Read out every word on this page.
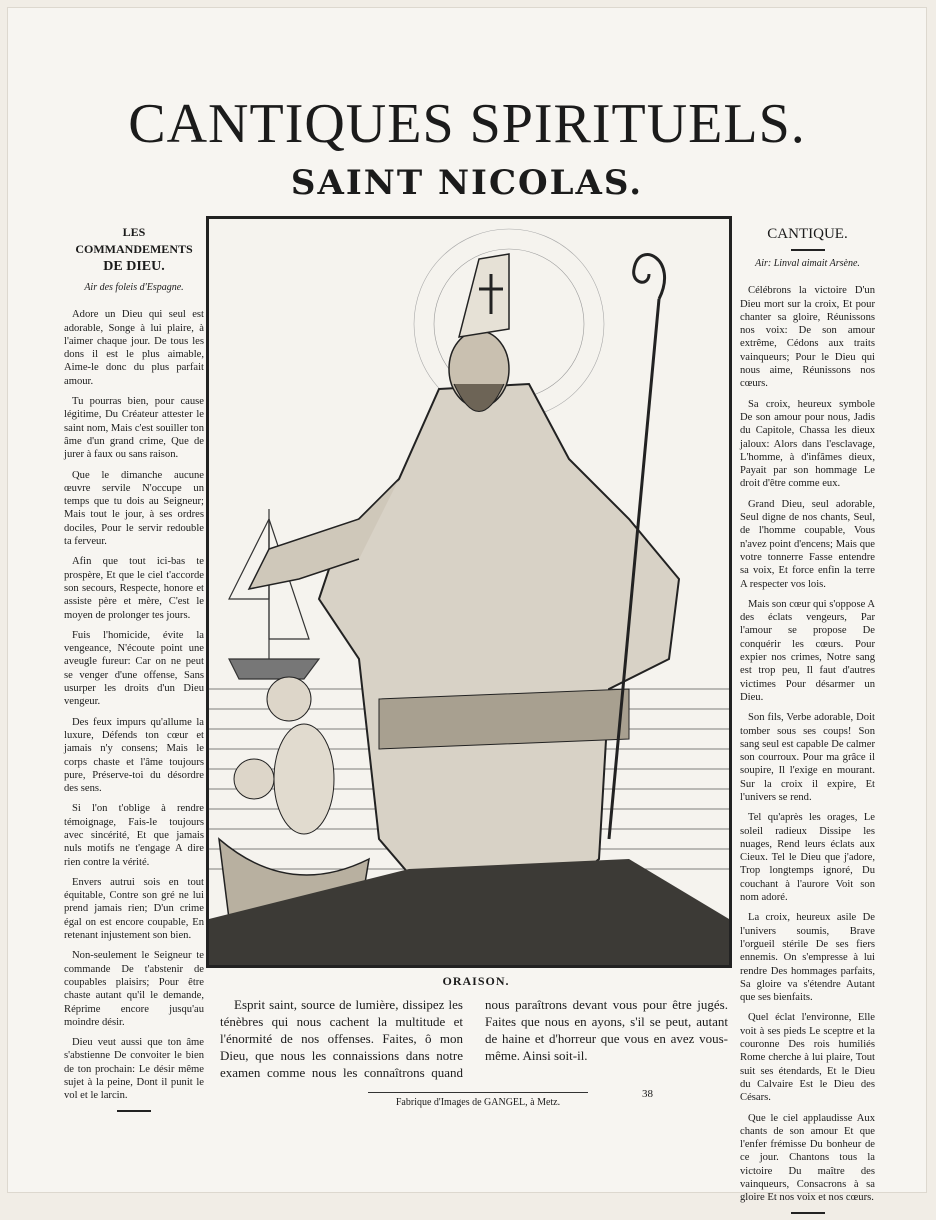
CANTIQUES SPIRITUELS.
SAINT NICOLAS.
LES COMMANDEMENTS
DE DIEU.
Air des foleis d'Espagne.

Adore un Dieu qui seul est adorable, Songe à lui plaire, à l'aimer chaque jour. De tous les dons il est le plus aimable, Aime-le donc du plus parfait amour.

Tu pourras bien, pour cause légitime, Du Créateur attester le saint nom, Mais c'est souiller ton âme d'un grand crime, Que de jurer à faux ou sans raison.

Que le dimanche aucune œuvre servile N'occupe un temps que tu dois au Seigneur; Mais tout le jour, à ses ordres dociles, Pour le servir redouble ta ferveur.

Afin que tout ici-bas te prospère, Et que le ciel t'accorde son secours, Respecte, honore et assiste père et mère, C'est le moyen de prolonger tes jours.

Fuis l'homicide, évite la vengeance, N'écoute point une aveugle fureur: Car on ne peut se venger d'une offense, Sans usurper les droits d'un Dieu vengeur.

Des feux impurs qu'allume la luxure, Défends ton cœur et jamais n'y consens; Mais le corps chaste et l'âme toujours pure, Préserve-toi du désordre des sens.

Si l'on t'oblige à rendre témoignage, Fais-le toujours avec sincérité, Et que jamais nuls motifs ne t'engage A dire rien contre la vérité.

Envers autrui sois en tout équitable, Contre son gré ne lui prend jamais rien; D'un crime égal on est encore coupable, En retenant injustement son bien.

Non-seulement le Seigneur te commande De t'abstenir de coupables plaisirs; Pour être chaste autant qu'il le demande, Réprime encore jusqu'au moindre désir.

Dieu veut aussi que ton âme s'abstienne De convoiter le bien de ton prochain: Le désir même sujet à la peine, Dont il punit le vol et le larcin.

CANTIQUE.
Air: Linval aimait Arsène.

Célébrons la victoire D'un Dieu mort sur la croix, Et pour chanter sa gloire, Réunissons nos voix: De son amour extrême, Cédons aux traits vainqueurs; Pour le Dieu qui nous aime, Réunissons nos cœurs.

Sa croix, heureux symbole De son amour pour nous, Jadis du Capitole, Chassa les dieux jaloux: Alors dans l'esclavage, L'homme, à d'infâmes dieux, Payait par son hommage Le droit d'être comme eux.

Grand Dieu, seul adorable, Seul digne de nos chants, Seul, de l'homme coupable, Vous n'avez point d'encens; Mais que votre tonnerre Fasse entendre sa voix, Et force enfin la terre A respecter vos lois.

Mais son cœur qui s'oppose A des éclats vengeurs, Par l'amour se propose De conquérir les cœurs. Pour expier nos crimes, Notre sang est trop peu, Il faut d'autres victimes Pour désarmer un Dieu.

Son fils, Verbe adorable, Doit tomber sous ses coups! Son sang seul est capable De calmer son courroux. Pour ma grâce il soupire, Il l'exige en mourant. Sur la croix il expire, Et l'univers se rend.

Tel qu'après les orages, Le soleil radieux Dissipe les nuages, Rend leurs éclats aux Cieux. Tel le Dieu que j'adore, Trop longtemps ignoré, Du couchant à l'aurore Voit son nom adoré.

La croix, heureux asile De l'univers soumis, Brave l'orgueil stérile De ses fiers ennemis. On s'empresse à lui rendre Des hommages parfaits, Sa gloire va s'étendre Autant que ses bienfaits.

Quel éclat l'environne, Elle voit à ses pieds Le sceptre et la couronne Des rois humiliés Rome cherche à lui plaire, Tout suit ses étendards, Et le Dieu du Calvaire Est le Dieu des Césars.

Que le ciel applaudisse Aux chants de son amour Et que l'enfer frémisse Du bonheur de ce jour. Chantons tous la victoire Du maître des vainqueurs, Consacrons à sa gloire Et nos voix et nos cœurs.

ORAISON.

Esprit saint, source de lumière, dissipez les ténèbres qui nous cachent la multitude et l'énormité de nos offenses. Faites, ô mon Dieu, que nous les connaissions dans notre examen comme nous les connaîtrons quand nous paraîtrons devant vous pour être jugés. Faites que nous en ayons, s'il se peut, autant de haine et d'horreur que vous en avez vous-même. Ainsi soit-il.

Fabrique d'Images de GANGEL, à Metz.
38
